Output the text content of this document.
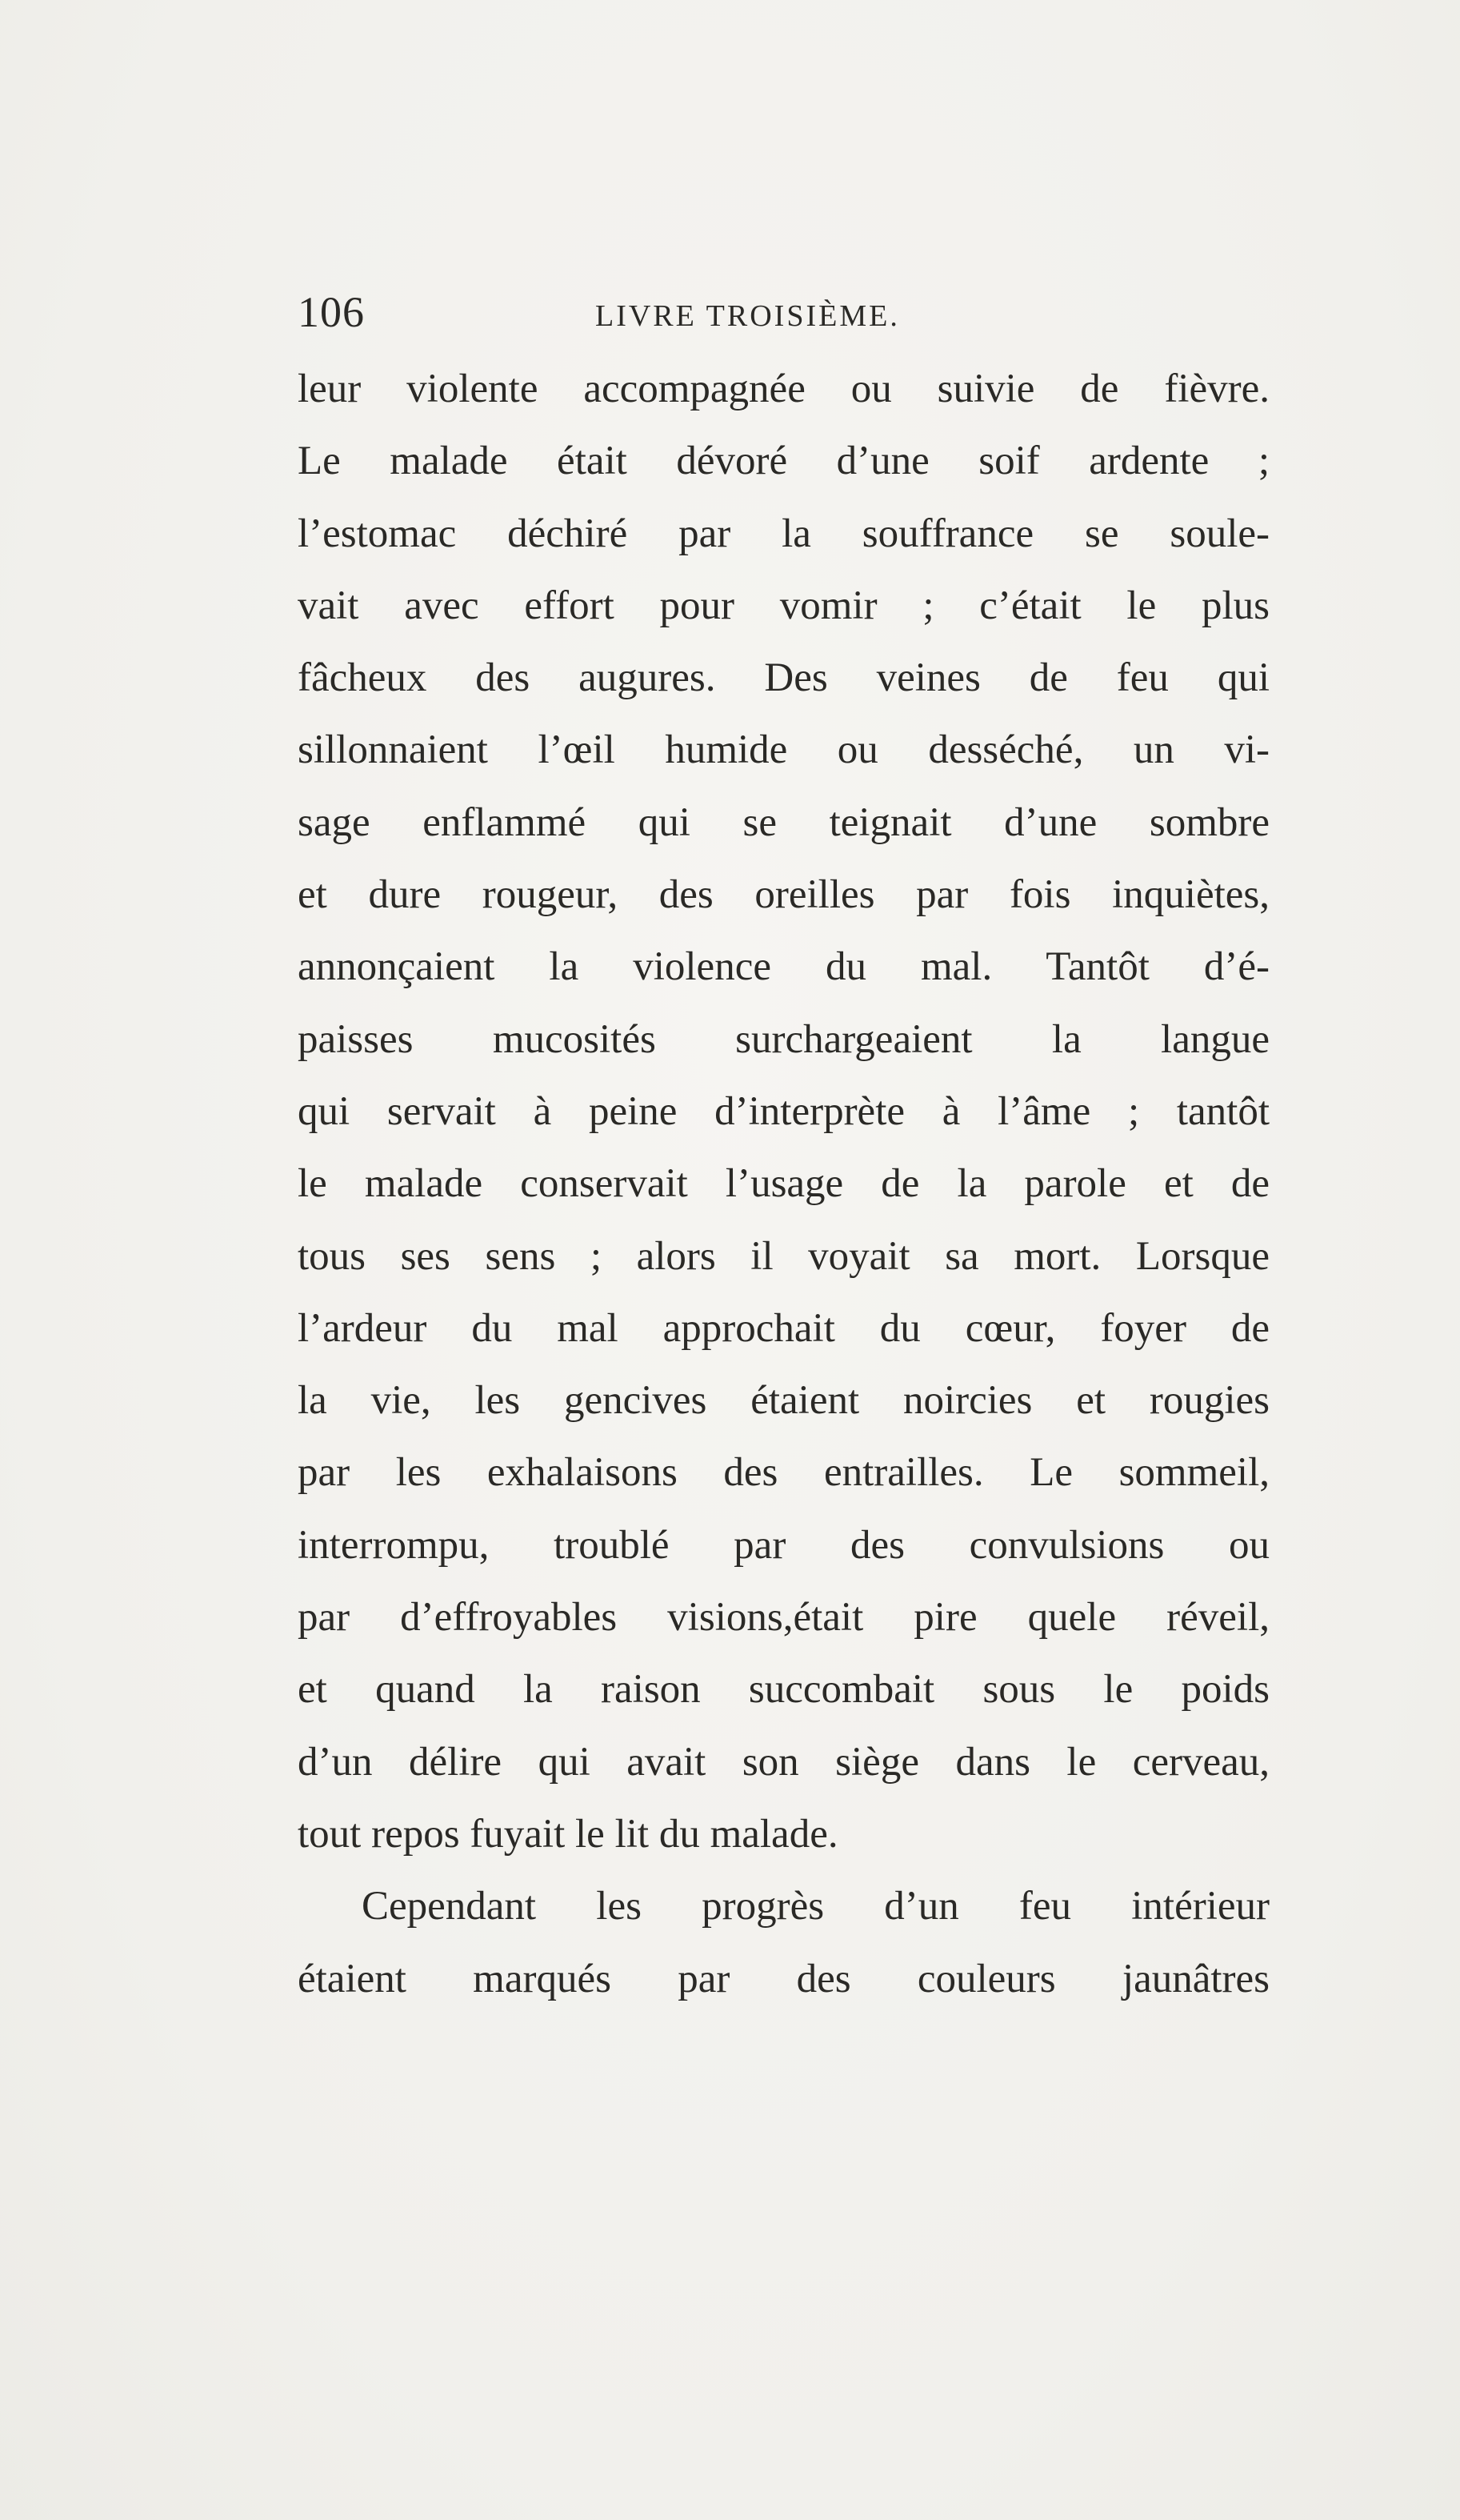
106	LIVRE TROISIÈME.
leur violente accompagnée ou suivie de fièvre.
Le malade était dévoré d’une soif ardente ;
l’estomac déchiré par la souffrance se soule-
vait avec effort pour vomir ; c’était le plus
fâcheux des augures. Des veines de feu qui
sillonnaient l’œil humide ou desséché, un vi-
sage enflammé qui se teignait d’une sombre
et dure rougeur, des oreilles par fois inquiètes,
annonçaient la violence du mal. Tantôt d’é-
paisses mucosités surchargeaient la langue
qui servait à peine d’interprète à l’âme ; tantôt
le malade conservait l’usage de la parole et de
tous ses sens ; alors il voyait sa mort. Lorsque
l’ardeur du mal approchait du cœur, foyer de
la vie, les gencives étaient noircies et rougies
par les exhalaisons des entrailles. Le sommeil,
interrompu, troublé par des convulsions ou
par d’effroyables visions,était pire quele réveil,
et quand la raison succombait sous le poids
d’un délire qui avait son siège dans le cerveau,
tout repos fuyait le lit du malade.
Cependant les progrès d’un feu intérieur
étaient marqués par des couleurs jaunâtres
